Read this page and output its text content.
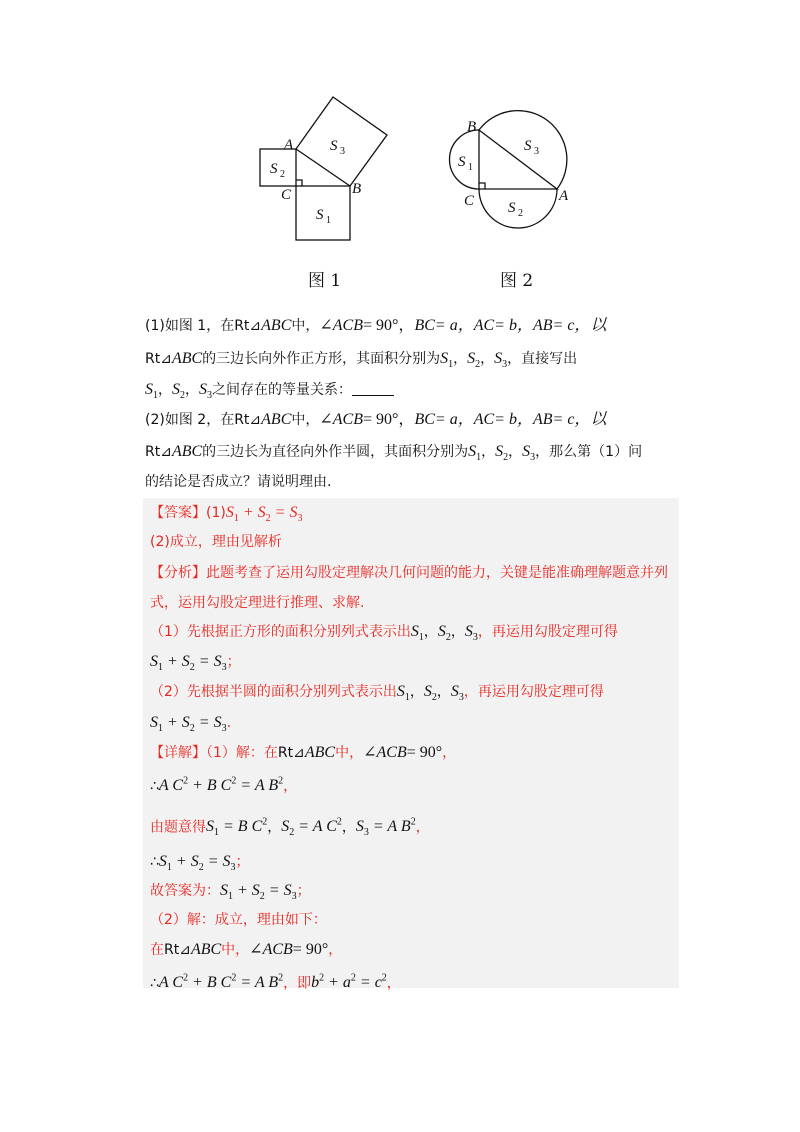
A
B
C
S 3
S 2
S 1
B
C	A
S 3
S 1
S 2
图 1	图 2
(1)如图 1，在Rt⊿ABC中，∠ACB= 90°，BC= a，AC= b，AB= c，以
Rt⊿ABC的三边长向外作正方形，其面积分别为$S_1$，$S_2$，$S_3$，直接写出
$S_1$，$S_2$，$S_3$之间存在的等量关系：
(2)如图 2，在Rt⊿ABC中，∠ACB= 90°，BC= a，AC= b，AB= c，以
Rt⊿ABC的三边长为直径向外作半圆，其面积分别为$S_1$，$S_2$，$S_3$，那么第（1）问
的结论是否成立？请说明理由.
【答案】$(1)S_1 + S_2 = S_3$
(2)成立，理由见解析
【分析】此题考查了运用勾股定理解决几何问题的能力，关键是能准确理解题意并列
式，运用勾股定理进行推理、求解.
（1）先根据正方形的面积分别列式表示出$S_1$，$S_2$，$S_3$，再运用勾股定理可得
$S_1 + S_2 = S_3$；
（2）先根据半圆的面积分别列式表示出$S_1$，$S_2$，$S_3$，再运用勾股定理可得
$S_1 + S_2 = S_3$.
【详解】（1）解：在Rt⊿ABC中，∠ACB= 90°，
∴A $C^2 + B$ $C^2 = A$ $B^2$，
由题意得$S_1 = B$ $C^2$，$S_2 = A$ $C^2$，$S_3 = A$ $B^2$，
$\therefore S_1 + S_2 = S_3$；
故答案为：$S_1 + S_2 = S_3$；
（2）解：成立，理由如下：
在Rt⊿ABC中，∠ACB= 90°，
∴A $C^2 + B$ $C^2 = A$ $B^2$，即$b^2 + a^2 = c^2$，
